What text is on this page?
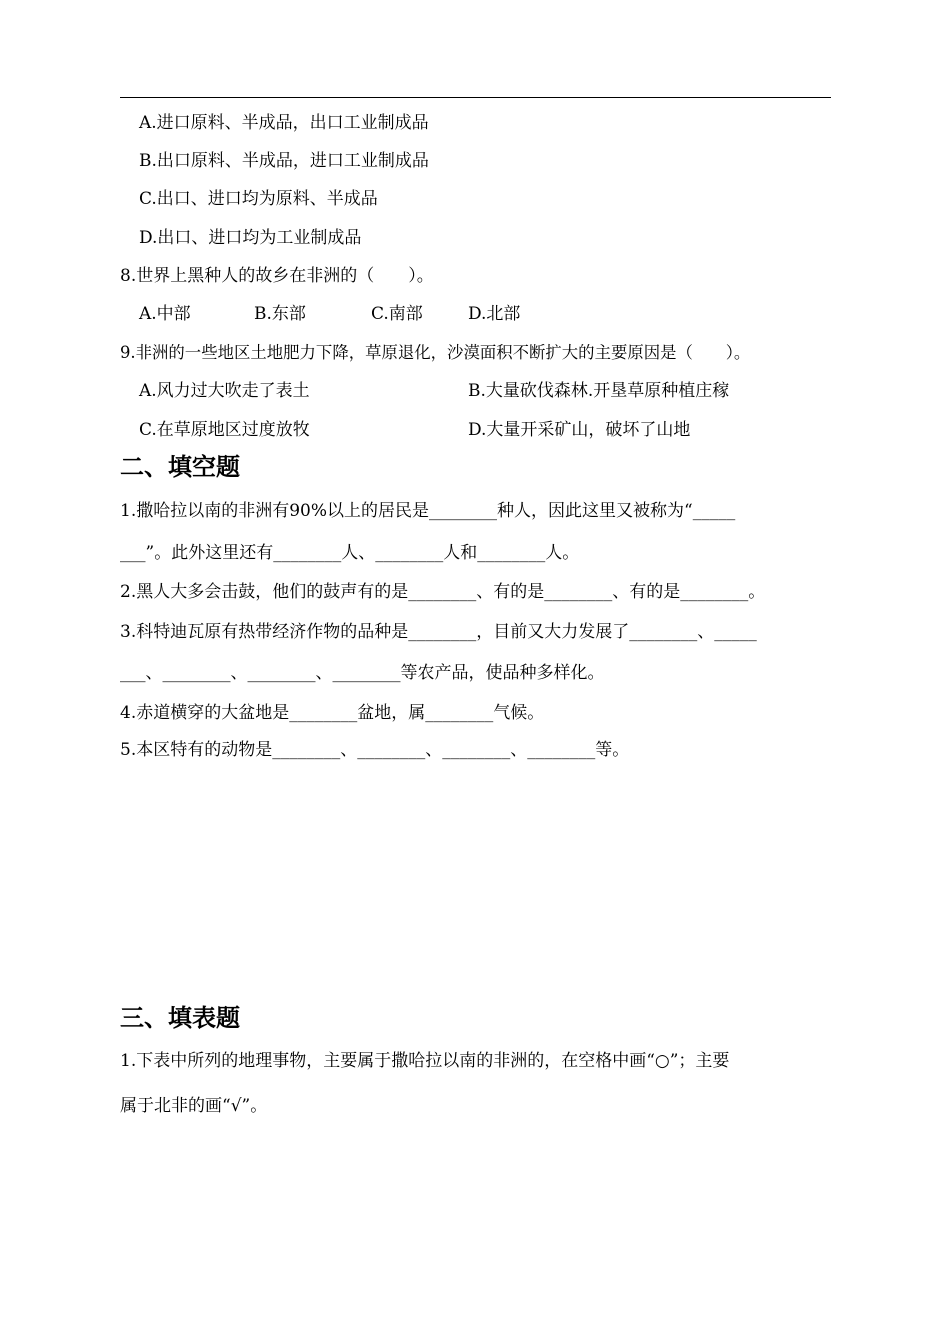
A.进口原料、半成品，出口工业制成品
B.出口原料、半成品，进口工业制成品
C.出口、进口均为原料、半成品
D.出口、进口均为工业制成品
8.世界上黑种人的故乡在非洲的（　　）。
A.中部	B.东部	C.南部	D.北部
9.非洲的一些地区土地肥力下降，草原退化，沙漠面积不断扩大的主要原因是（　　）。
A.风力过大吹走了表土	B.大量砍伐森林.开垦草原种植庄稼
C.在草原地区过度放牧	D.大量开采矿山，破坏了山地
二、填空题
1.撒哈拉以南的非洲有90%以上的居民是________种人，因此这里又被称为“_____
___”。此外这里还有________人、________人和________人。
2.黑人大多会击鼓，他们的鼓声有的是________、有的是________、有的是________。
3.科特迪瓦原有热带经济作物的品种是________，目前又大力发展了________、_____
___、________、________、________等农产品，使品种多样化。
4.赤道横穿的大盆地是________盆地，属________气候。
5.本区特有的动物是________、________、________、________等。
三、填表题
1.下表中所列的地理事物，主要属于撒哈拉以南的非洲的，在空格中画“○”；主要
属于北非的画“√”。
